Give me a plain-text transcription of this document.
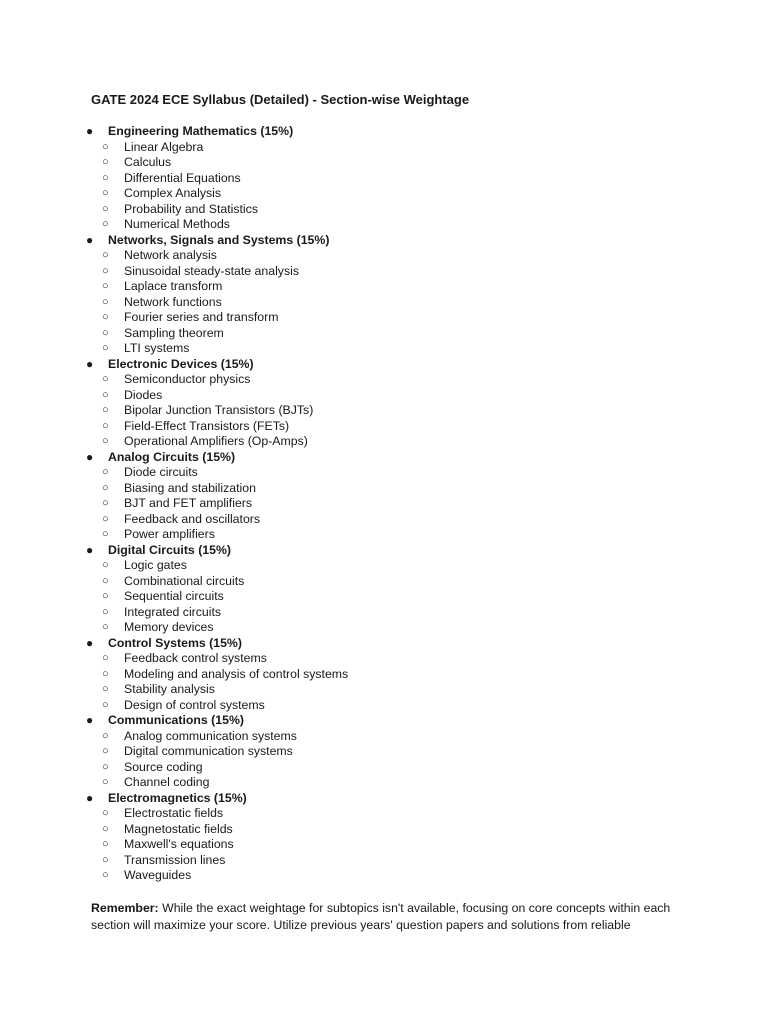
GATE 2024 ECE Syllabus (Detailed) - Section-wise Weightage
● Engineering Mathematics (15%)
○ Linear Algebra
○ Calculus
○ Differential Equations
○ Complex Analysis
○ Probability and Statistics
○ Numerical Methods
● Networks, Signals and Systems (15%)
○ Network analysis
○ Sinusoidal steady-state analysis
○ Laplace transform
○ Network functions
○ Fourier series and transform
○ Sampling theorem
○ LTI systems
● Electronic Devices (15%)
○ Semiconductor physics
○ Diodes
○ Bipolar Junction Transistors (BJTs)
○ Field-Effect Transistors (FETs)
○ Operational Amplifiers (Op-Amps)
● Analog Circuits (15%)
○ Diode circuits
○ Biasing and stabilization
○ BJT and FET amplifiers
○ Feedback and oscillators
○ Power amplifiers
● Digital Circuits (15%)
○ Logic gates
○ Combinational circuits
○ Sequential circuits
○ Integrated circuits
○ Memory devices
● Control Systems (15%)
○ Feedback control systems
○ Modeling and analysis of control systems
○ Stability analysis
○ Design of control systems
● Communications (15%)
○ Analog communication systems
○ Digital communication systems
○ Source coding
○ Channel coding
● Electromagnetics (15%)
○ Electrostatic fields
○ Magnetostatic fields
○ Maxwell's equations
○ Transmission lines
○ Waveguides
Remember: While the exact weightage for subtopics isn't available, focusing on core concepts within each section will maximize your score. Utilize previous years' question papers and solutions from reliable
